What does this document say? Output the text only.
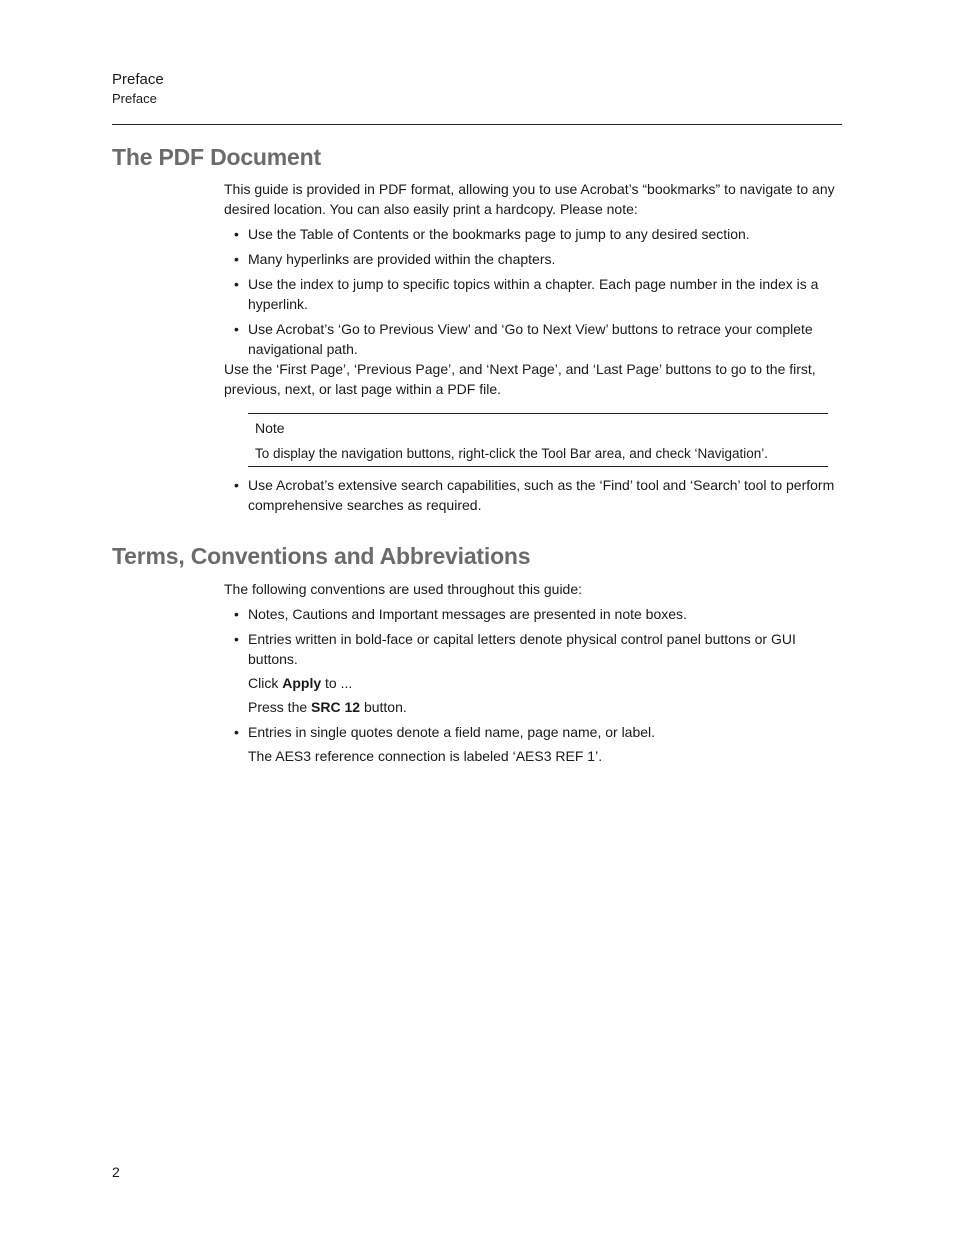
Preface
Preface
The PDF Document

This guide is provided in PDF format, allowing you to use Acrobat’s “bookmarks” to navigate to any desired location. You can also easily print a hardcopy. Please note:

• Use the Table of Contents or the bookmarks page to jump to any desired section.
• Many hyperlinks are provided within the chapters.
• Use the index to jump to specific topics within a chapter. Each page number in the index is a hyperlink.
• Use Acrobat’s ‘Go to Previous View’ and ‘Go to Next View’ buttons to retrace your complete navigational path.

Use the ‘First Page’, ‘Previous Page’, and ‘Next Page’, and ‘Last Page’ buttons to go to the first, previous, next, or last page within a PDF file.

Note
To display the navigation buttons, right-click the Tool Bar area, and check ‘Navigation’.
• Use Acrobat’s extensive search capabilities, such as the ‘Find’ tool and ‘Search’ tool to perform comprehensive searches as required.
Terms, Conventions and Abbreviations

The following conventions are used throughout this guide:

• Notes, Cautions and Important messages are presented in note boxes.
• Entries written in bold-face or capital letters denote physical control panel buttons or GUI buttons.
Click Apply to ...
Press the SRC 12 button.
• Entries in single quotes denote a field name, page name, or label.
The AES3 reference connection is labeled ‘AES3 REF 1’.
2
